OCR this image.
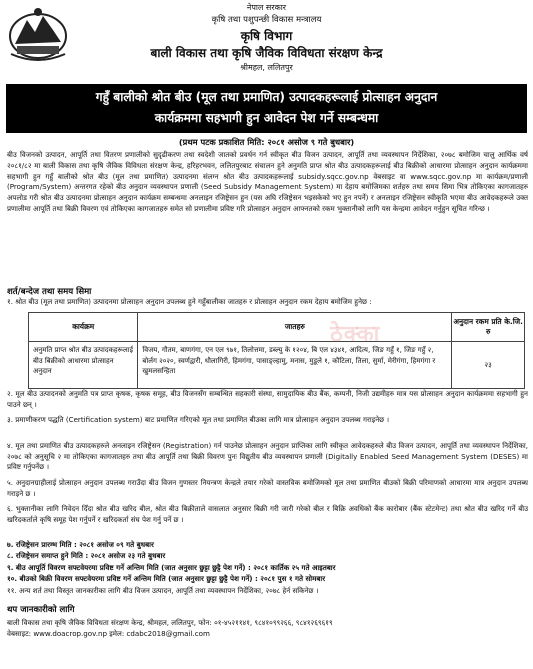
नेपाल सरकार
कृषि तथा पशुपन्छी विकास मन्त्रालय
कृषि विभाग
बाली विकास तथा कृषि जैविक विविधता संरक्षण केन्द्र
श्रीमहल, ललितपुर
गहुँ बालीको श्रोत बीउ (मूल तथा प्रमाणित) उत्पादकहरूलाई प्रोत्साहन अनुदान
कार्यक्रममा सहभागी हुन आवेदन पेश गर्ने सम्बन्धमा
(प्रथम पटक प्रकाशित मिति: २०८१ असोज ९ गते बुधबार)
बीउ विजनको उत्पादन, आपूर्ति तथा वितरण प्रणालीको सुदृढीकरण तथा स्वदेशी जातको प्रवर्धन गर्न स्वीकृत बीउ विजन उत्पादन, आपूर्ति तथा व्यवस्थापन निर्देशिका, २०७८ बमोजिम चालु आर्थिक वर्ष २०८१/८२ मा बाली विकास तथा कृषि जैविक विविधता संरक्षण केन्द्र, हरिहरभवन, ललितपुरबाट संचालन हुने अनुमति प्राप्त श्रोत बीउ उत्पादकहरूलाई बीउ बिक्रीको आधारमा प्रोत्साहन अनुदान कार्यक्रममा सहभागी हुन गहुँ बालीको श्रोत बीउ (मूल तथा प्रमाणित) उत्पादनमा संलग्न श्रोत बीउ उत्पादकहरूलाई subsidy.sqcc.gov.np वेबसाइट वा www.sqcc.gov.np मा कार्यक्रम/प्रणाली (Program/System) अन्तरगत रहेको बीउ अनुदान व्यवस्थापन प्रणाली (Seed Subsidy Management System) मा देहाय बमोजिमका शर्तहरु तथा समय सिमा भित्र तोकिएका कागजातहरु अपलोड गरी श्रोत बीउ उत्पादनमा प्रोत्साहन अनुदान कार्यक्रम सम्बन्धमा अनलाइन रजिष्ट्रेसन हुन (यस अघि रजिष्ट्रेसन भइसकेको भए हुन नपर्ने) र अनलाइन रजिष्ट्रेसन स्वीकृति भएमा बीउ आवेदकहरूले उक्त प्रणालीमा आपूर्ति तथा बिक्री विवरण एवं तोकिएका कागजातहरु समेत सो प्रणालीमा प्रविष्ट गरि प्रोत्साहन अनुदान आफ्नतको रकम भुक्तानीको लागि यस केन्द्रमा आवेदन गर्नुहुन सूचित गरिन्छ ।
शर्त/बन्देज तथा समय सिमा
१. श्रोत बीउ (मूल तथा प्रमाणित) उत्पादनमा प्रोत्साहन अनुदान उपलब्ध हुने गहुँबालीका जातहरु र प्रोत्साहन अनुदान रकम देहाय बमोजिम हुनेछ :
कार्यक्रम	जातहरु	अनुदान रकम प्रति के.जि. रु
अनुमति प्राप्त श्रोत बीउ उत्पादकहरूलाई बीउ बिक्रीको आधारमा प्रोत्साहन अनुदान	विजय, गौतम, बाणगंगा, एन एल ९७१, तिलोत्तमा, डब्ल्यु के १२०४, बि एल ४३४१, आदित्य, जिङ गहुँ १, जिङ गहुँ २, बोर्लग २०२०, स्वर्णद्वारी, धौलागिरी, हिमगंगा, पासाङ्ल्हामु, मनास, मुडूले १, कौटिला, तिला, सुर्मा, मेरीगंगा, हिमगंगा र खुमलसन्हिता	२३
ठेक्का
२. मूल बीउ उत्पादनको अनुमति पत्र प्राप्त कृषक, कृषक समूह, बीउ विजनसँग सम्बन्धित सहकारी संस्था, सामुदायिक बीउ बैंक, कम्पनी, निजी उद्यमीहरु मात्र यस प्रोत्साहन अनुदान कार्यक्रममा सहभागी हुन पाउने छन् ।
३. प्रमाणीकरण पद्धति (Certification system) बाट प्रमाणित गरिएको मूल तथा प्रमाणित बीउका लागि मात्र प्रोत्साहन अनुदान उपलब्ध गराइनेछ ।
४. मूल तथा प्रमाणित बीउ उत्पादकहरुले अनलाइन रजिष्ट्रेसन (Registration) गर्न पाउनेछ प्रोत्साहन अनुदान प्राप्तिका लागि स्वीकृत आवेदकहरुले बीउ विजन उत्पादन, आपूर्ति तथा व्यवस्थापन निर्देशिका, २०७८ को अनुसूचि २ मा तोकिएका कागजातहरु तथा बीउ आपूर्ति तथा बिक्री विवरण पुनः विद्युतीय बीउ व्यवस्थापन प्रणाली (Digitally Enabled Seed Management System (DESES) मा प्रविष्ट गर्नुपर्नेछ ।
५. अनुदानग्राहीलाई प्रोत्साहन अनुदान उपलब्ध गराउँदा बीउ विजन गुणस्तर नियन्त्रण केन्द्रले तयार गरेको वास्तविक बमोजिमको मूल तथा प्रमाणित बीउको बिक्री परिमाणको आधारमा मात्र अनुदान उपलब्ध गराइने छ ।
६. भुक्तानीका लागि निवेदन दिँदा श्रोत बीउ खरिद बील, श्रोत बीउ बिक्रीताले वासलात अनुसार बिक्री गरी जारी गरेको बील र बिक्रि अवधिको बैंक कारोबार (बैंक स्टेटमेन्ट) तथा श्रोत बीउ खरिद गर्ने बीउ खरिदकर्ताले कृषि समूह पेश गर्नुपर्ने र खरिदकर्ता संघ पेश गर्नु पर्ने छ ।
७. रजिष्ट्रेसन प्रारम्भ मिति : २०८१ असोज ०९ गते बुधबार
८. रजिष्ट्रेसन समाप्त हुने मिति : २०८१ असोज २३ गते बुधबार
९. बीउ आपूर्ति विवरण सफ्टवेयरमा प्रविष्ट गर्ने अन्तिम मिति (जात अनुसार छुट्टा छुट्टै पेश गर्ने) : २०८१ कार्तिक २५ गते आइतबार
१०. बीउको बिक्री विवरण सफ्टवेयरमा प्रविष्ट गर्ने अन्तिम मिति (जात अनुसार छुट्टा छुट्टै पेश गर्ने) : २०८१ पुस १ गते सोमबार
११. अन्य शर्त तथा विस्तृत जानकारीका लागि बीउ विजन उत्पादन, आपूर्ति तथा व्यवस्थापन निर्देशिका, २०७८ हेर्न सकिनेछ ।
थप जानकारीको लागि
बाली विकास तथा कृषि जैविक विविधता संरक्षण केन्द्र, श्रीमहल, ललितपुर, फोन: ०१-४५२११४१, ९८४१०९९२६६, ९८४१२६९६१९
वेबसाइट: www.doacrop.gov.np इमेल: cdabc2018@gmail.com
